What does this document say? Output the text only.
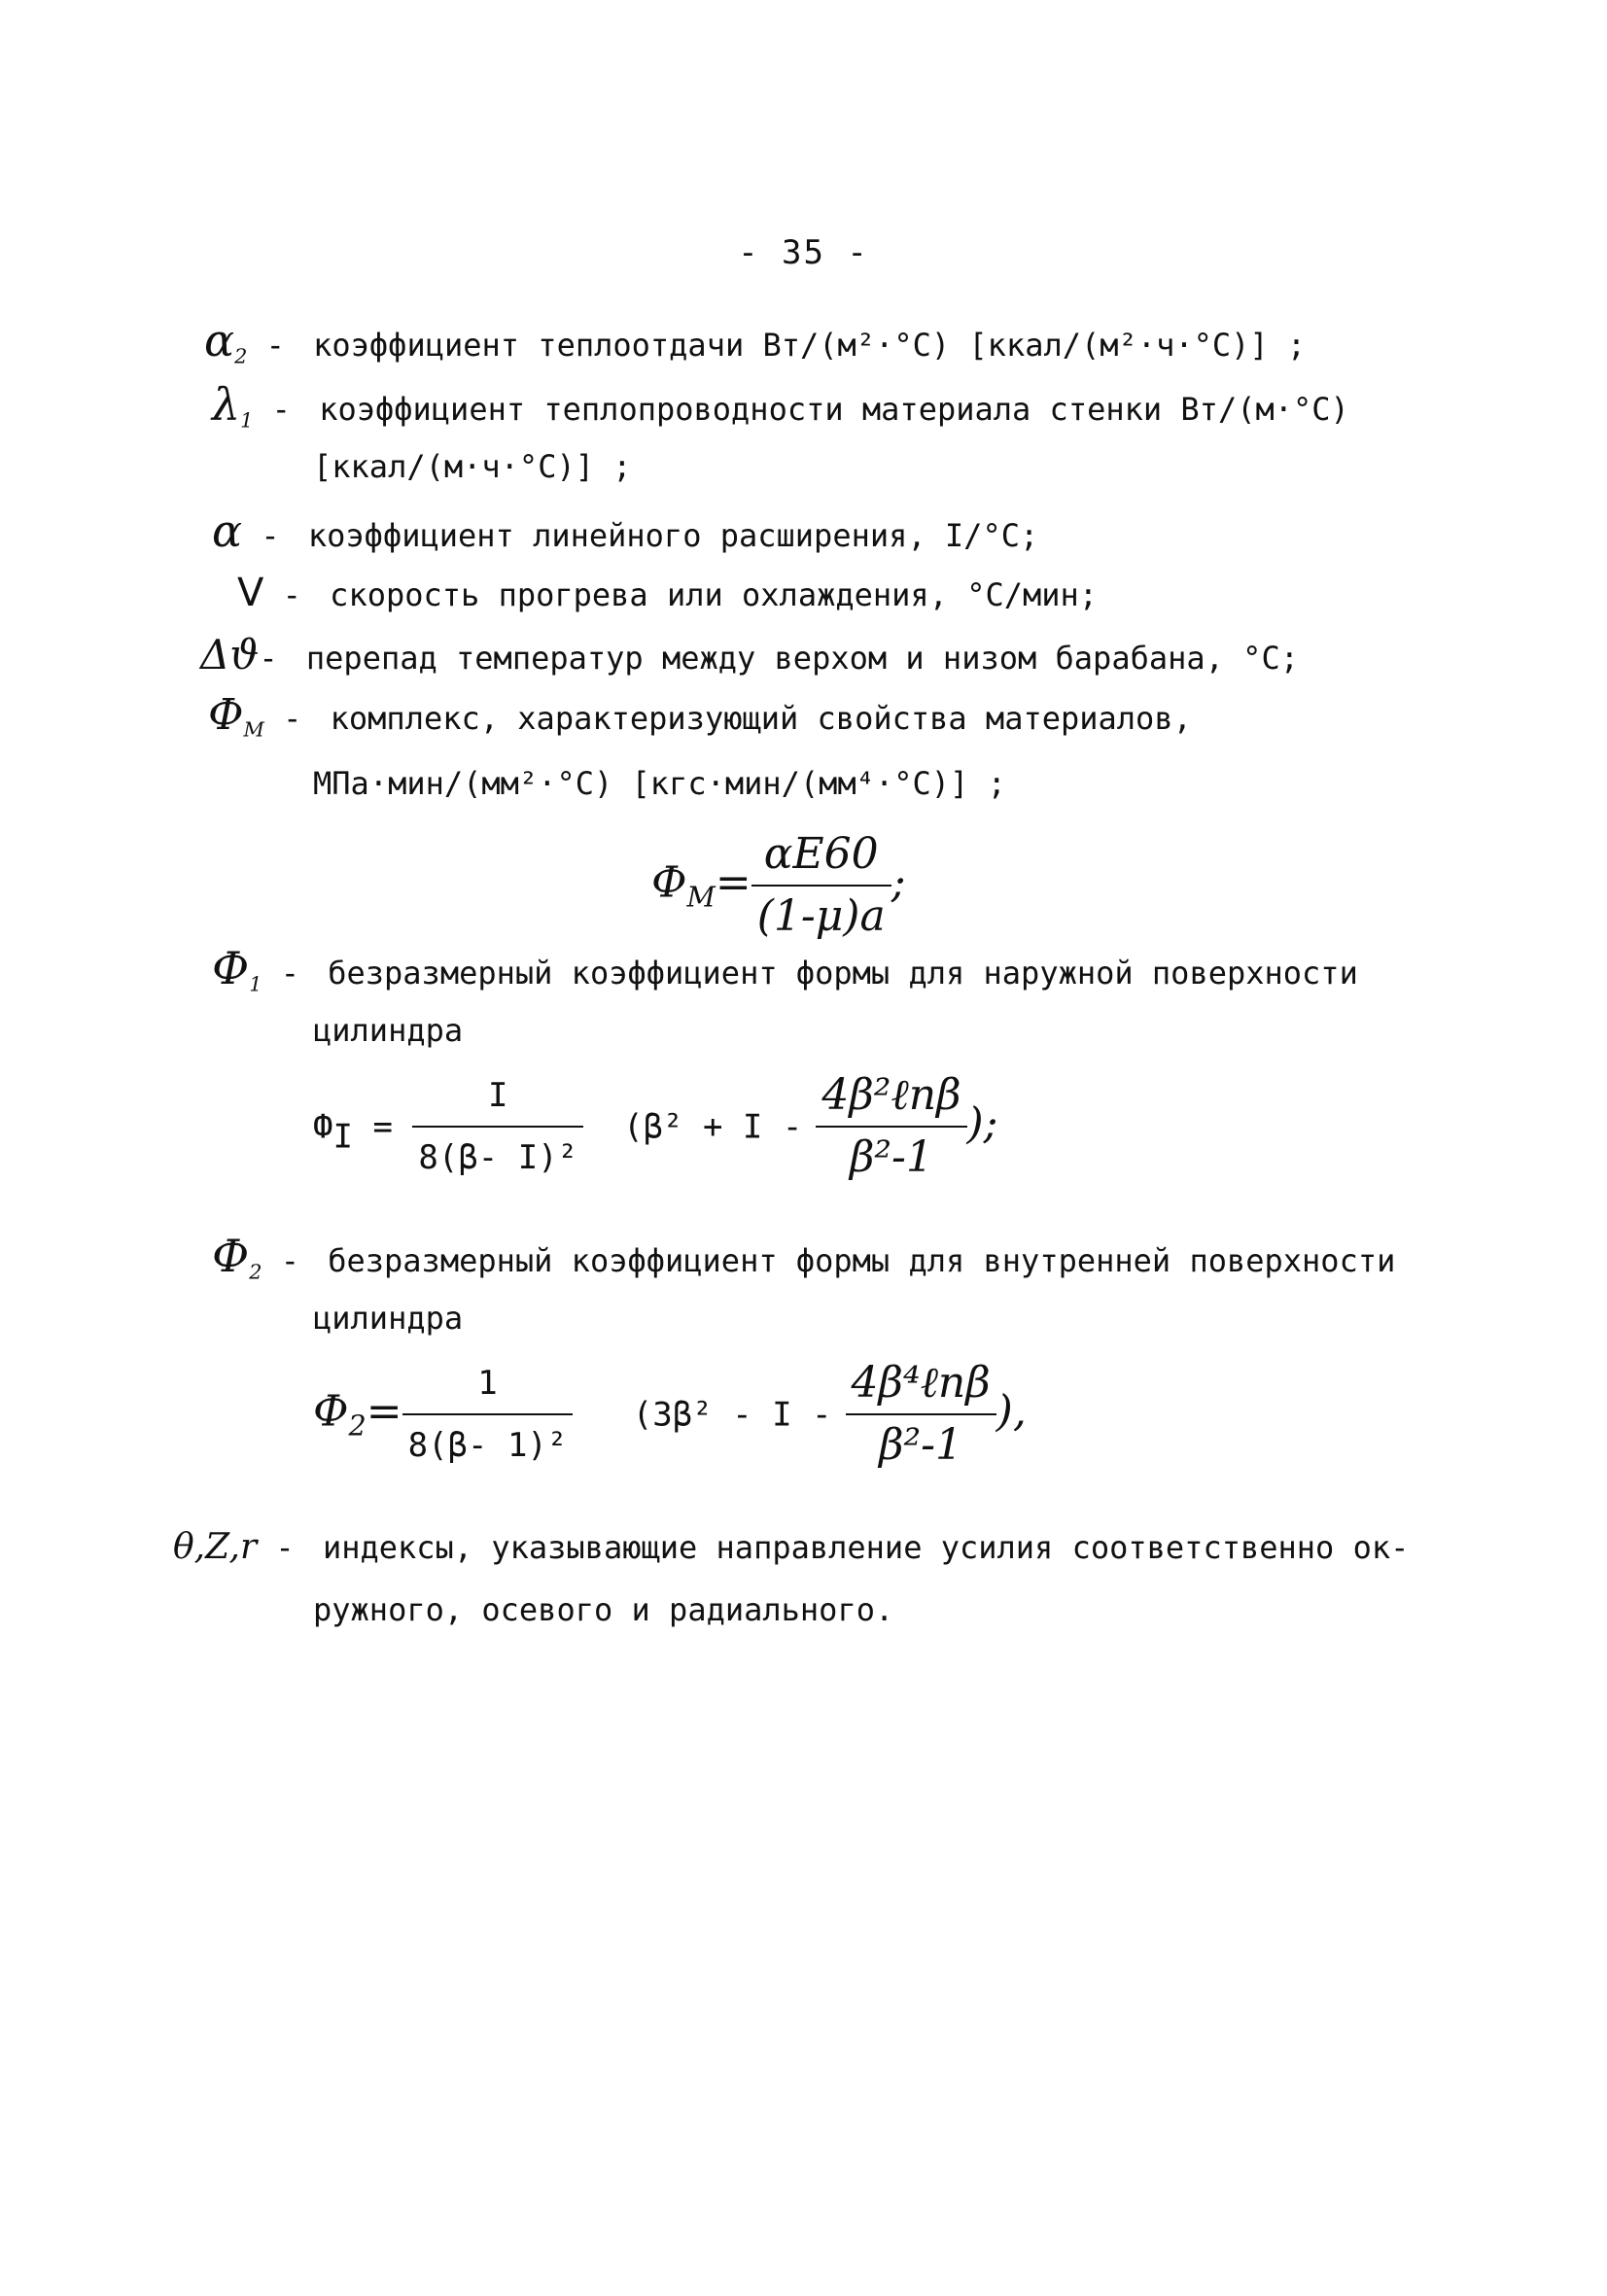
- 35 -
$\alpha_2$ - коэффициент теплоотдачи Вт/(м²·°С) [ккал/(м²·ч·°С)] ;
$\lambda_1$ - коэффициент теплопроводности материала стенки Вт/(м·°С)
[ккал/(м·ч·°С)] ;
α - коэффициент линейного расширения, I/°С;
V - скорость прогрева или охлаждения, °С/мин;
Δϑ- перепад температур между верхом и низом барабана, °С;
$Ф_М$ - комплекс, характеризующий свойства материалов,
МПа·мин/(мм²·°С) [кгс·мин/(мм⁴·°С)] ;
$Ф_М= \frac{\alpha E60}{(1-\mu)a}$ ;
$Ф_1$ - безразмерный коэффициент формы для наружной поверхности
цилиндра
$Ф_I = \frac{I}{\text{8(β- I)²}} (\beta^2 + I - \frac{\text{4β²ℓnβ}}{\text{β²-1}}$ );
$Ф_2$ - безразмерный коэффициент формы для внутренней поверхности
цилиндра
$Ф_2= \frac{1}{\text{8(β- 1)²}} (3\beta^2 - I - \frac{\text{4β⁴ℓnβ}}{\text{β²-1}}$ ),
θ,Z,r - индексы, указывающие направление усилия соответственно ок-
ружного, осевого и радиального.
